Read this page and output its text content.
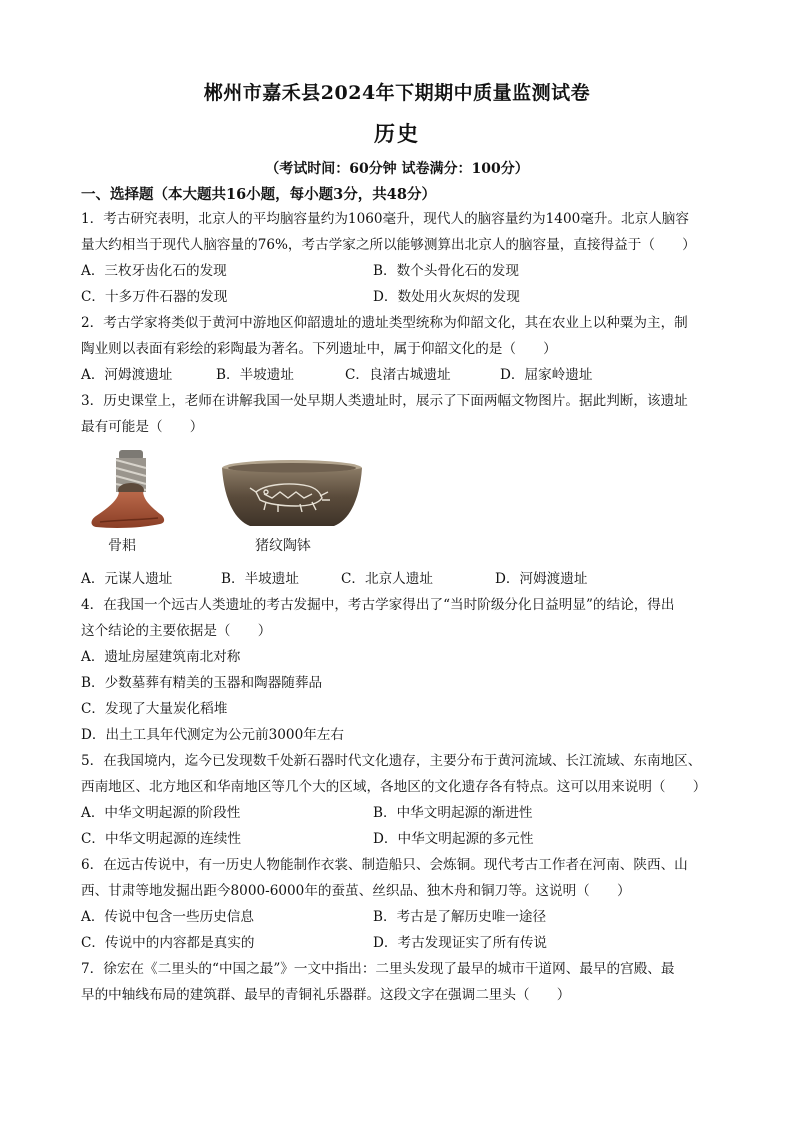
郴州市嘉禾县2024年下期期中质量监测试卷
历史
（考试时间：60分钟 试卷满分：100分）
一、选择题（本大题共16小题，每小题3分，共48分）
1．考古研究表明，北京人的平均脑容量约为1060毫升，现代人的脑容量约为1400毫升。北京人脑容
量大约相当于现代人脑容量的76%，考古学家之所以能够测算出北京人的脑容量，直接得益于（　　）
A．三枚牙齿化石的发现	B．数个头骨化石的发现
C．十多万件石器的发现	D．数处用火灰烬的发现
2．考古学家将类似于黄河中游地区仰韶遗址的遗址类型统称为仰韶文化，其在农业上以种粟为主，制
陶业则以表面有彩绘的彩陶最为著名。下列遗址中，属于仰韶文化的是（　　）
A．河姆渡遗址	B．半坡遗址	C．良渚古城遗址	D．屈家岭遗址
3．历史课堂上，老师在讲解我国一处早期人类遗址时，展示了下面两幅文物图片。据此判断，该遗址
最有可能是（　　）
骨耜	猪纹陶钵
A．元谋人遗址	B．半坡遗址	C．北京人遗址	D．河姆渡遗址
4．在我国一个远古人类遗址的考古发掘中，考古学家得出了“当时阶级分化日益明显”的结论，得出
这个结论的主要依据是（　　）
A．遗址房屋建筑南北对称
B．少数墓葬有精美的玉器和陶器随葬品
C．发现了大量炭化稻堆
D．出土工具年代测定为公元前3000年左右
5．在我国境内，迄今已发现数千处新石器时代文化遗存，主要分布于黄河流域、长江流域、东南地区、
西南地区、北方地区和华南地区等几个大的区域，各地区的文化遗存各有特点。这可以用来说明（　　）
A．中华文明起源的阶段性	B．中华文明起源的渐进性
C．中华文明起源的连续性	D．中华文明起源的多元性
6．在远古传说中，有一历史人物能制作衣裳、制造船只、会炼铜。现代考古工作者在河南、陕西、山
西、甘肃等地发掘出距今8000-6000年的蚕茧、丝织品、独木舟和铜刀等。这说明（　　）
A．传说中包含一些历史信息	B．考古是了解历史唯一途径
C．传说中的内容都是真实的	D．考古发现证实了所有传说
7．徐宏在《二里头的“中国之最”》一文中指出：二里头发现了最早的城市干道网、最早的宫殿、最
早的中轴线布局的建筑群、最早的青铜礼乐器群。这段文字在强调二里头（　　）
